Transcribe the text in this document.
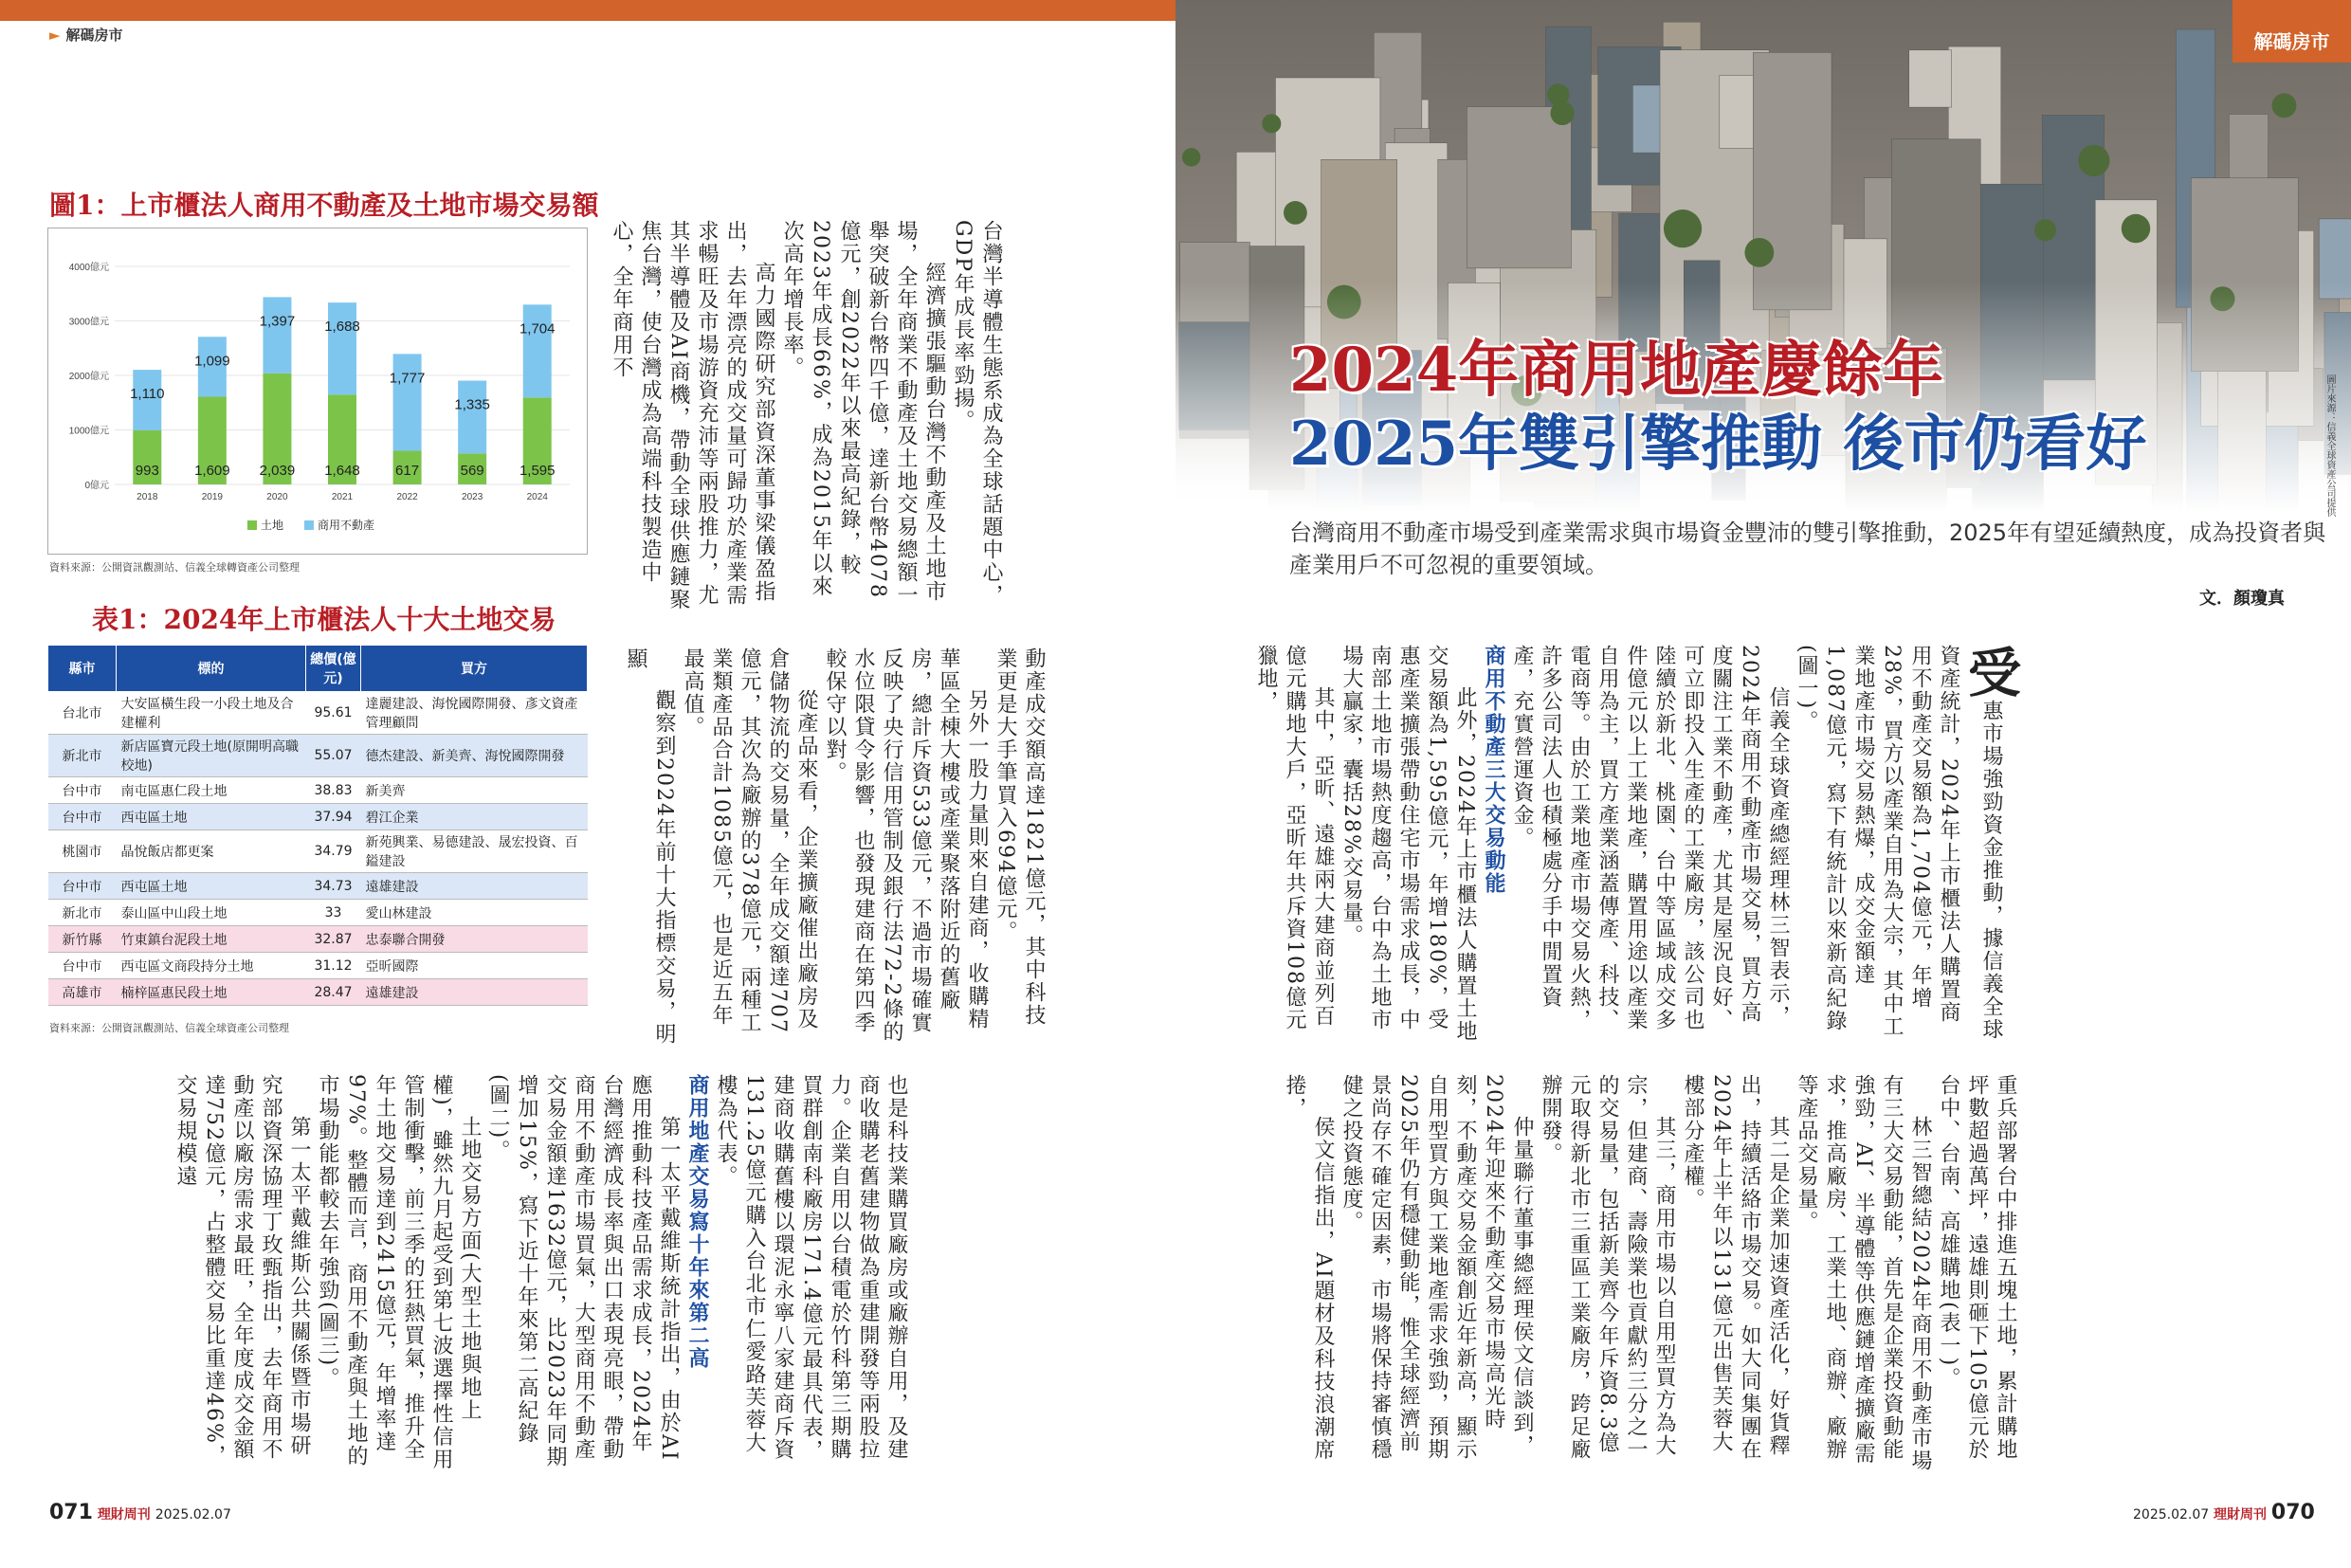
► 解碼房市
圖1：上市櫃法人商用不動產及土地市場交易額
0億元
1000億元
2000億元
3000億元
4000億元
993
1,110
2018
1,609
1,099
2019
2,039
1,397
2020
1,648
1,688
2021
617
1,777
2022
569
1,335
2023
1,595
1,704
2024
土地	商用不動產
資料來源：公開資訊觀測站、信義全球轉資產公司整理
表1：2024年上市櫃法人十大土地交易
縣市	標的	總價(億元)	買方
台北市	大安區橫生段一小段土地及合建權利	95.61	達麗建設、海悅國際開發、彥文資產管理顧問
新北市	新店區寶元段土地(原開明高職校地)	55.07	德杰建設、新美齊、海悅國際開發
台中市	南屯區惠仁段土地	38.83	新美齊
台中市	西屯區土地	37.94	碧江企業
桃園市	晶悅飯店都更案	34.79	新苑興業、易德建設、晟宏投資、百鎰建設
台中市	西屯區土地	34.73	遠雄建設
新北市	泰山區中山段土地	33	愛山林建設
新竹縣	竹東鎮台泥段土地	32.87	忠泰聯合開發
台中市	西屯區文商段持分土地	31.12	亞昕國際
高雄市	楠梓區惠民段土地	28.47	遠雄建設
資料來源：公開資訊觀測站、信義全球資產公司整理

台灣半導體生態系成為全球話題中心，GDP年成長率勁揚。

經濟擴張驅動台灣不動產及土地市場，全年商業不動產及土地交易總額一舉突破新台幣四千億，達新台幣4078億元，創2022年以來最高紀錄，較2023年成長66%，成為2015年以來次高年增長率。

高力國際研究部資深董事梁儀盈指出，去年漂亮的成交量可歸功於產業需求暢旺及市場游資充沛等兩股推力，尤其半導體及AI商機，帶動全球供應鏈聚焦台灣，使台灣成為高端科技製造中心，全年商用不

動產成交額高達1821億元，其中科技業更是大手筆買入694億元。

另外一股力量則來自建商，收購精華區全棟大樓或產業聚落附近的舊廠房，總計斥資533億元，不過市場確實反映了央行信用管制及銀行法72-2條的水位限貸令影響，也發現建商在第四季較保守以對。

從產品來看，企業擴廠催出廠房及倉儲物流的交易量，全年成交額達707億元，其次為廠辦的378億元，兩種工業類產品合計1085億元，也是近五年最高值。

觀察到2024年前十大指標交易，明顯

也是科技業購買廠房或廠辦自用，及建商收購老舊建物做為重建開發等兩股拉力。企業自用以台積電於竹科第三期購買群創南科廠房171.4億元最具代表，建商收購舊樓以環泥永寧八家建商斥資131.25億元購入台北市仁愛路芙蓉大樓為代表。

商用地產交易寫十年來第二高

第一太平戴維斯統計指出，由於AI應用推動科技產品需求成長，2024年台灣經濟成長率與出口表現亮眼，帶動商用不動產市場買氣，大型商用不動產交易金額達1632億元，比2023年同期增加15%，寫下近十年來第二高紀錄(圖二)。

土地交易方面(大型土地與地上權)，雖然九月起受到第七波選擇性信用管制衝擊，前三季的狂熱買氣，推升全年土地交易達到2415億元，年增率達97%。整體而言，商用不動產與土地的市場動能都較去年強勁(圖三)。

第一太平戴維斯公共關係暨市場研究部資深協理丁玫甄指出，去年商用不動產以廠房需求最旺，全年度成交金額達752億元，占整體交易比重達46%，交易規模遠

071 理財周刊 2025.02.07
解碼房市
圖片來源：信義全球資產公司提供
2024年商用地產慶餘年
2025年雙引擎推動 後市仍看好
台灣商用不動產市場受到產業需求與市場資金豐沛的雙引擎推動，2025年有望延續熱度，成為投資者與產業用戶不可忽視的重要領域。
文．顏瓊真

受惠市場強勁資金推動，據信義全球資產統計，2024年上市櫃法人購置商用不動產交易額為1,704億元，年增28%，買方以產業自用為大宗，其中工業地產市場交易熱爆，成交金額達1,087億元，寫下有統計以來新高紀錄(圖一)。

信義全球資產總經理林三智表示，2024年商用不動產市場交易，買方高度關注工業不動產，尤其是屋況良好、可立即投入生產的工業廠房，該公司也陸續於新北、桃園、台中等區域成交多件億元以上工業地產，購置用途以產業自用為主，買方產業涵蓋傳產、科技、電商等。由於工業地產市場交易火熱，許多公司法人也積極處分手中閒置資產，充實營運資金。

商用不動產三大交易動能

此外，2024年上市櫃法人購置土地交易額為1,595億元，年增180%，受惠產業擴張帶動住宅市場需求成長，中南部土地市場熱度趨高，台中為土地市場大贏家，囊括28%交易量。

其中，亞昕、遠雄兩大建商並列百億元購地大戶，亞昕年共斥資108億元獵地，

重兵部署台中排進五塊土地，累計購地坪數超過萬坪，遠雄則砸下105億元於台中、台南、高雄購地(表一)。

林三智總結2024年商用不動產市場有三大交易動能，首先是企業投資動能強勁，AI、半導體等供應鏈增產擴廠需求，推高廠房、工業土地、商辦、廠辦等產品交易量。

其二是企業加速資產活化，好貨釋出，持續活絡市場交易。如大同集團在2024年上半年以131億元出售芙蓉大樓部分產權。

其三，商用市場以自用型買方為大宗，但建商、壽險業也貢獻約三分之一的交易量，包括新美齊今年斥資8.3億元取得新北市三重區工業廠房，跨足廠辦開發。

仲量聯行董事總經理侯文信談到，2024年迎來不動產交易市場高光時刻，不動產交易金額創近年新高，顯示自用型買方與工業地產需求強勁，預期2025年仍有穩健動能，惟全球經濟前景尚存不確定因素，市場將保持審慎穩健之投資態度。

侯文信指出，AI題材及科技浪潮席捲，

2025.02.07 理財周刊 070
